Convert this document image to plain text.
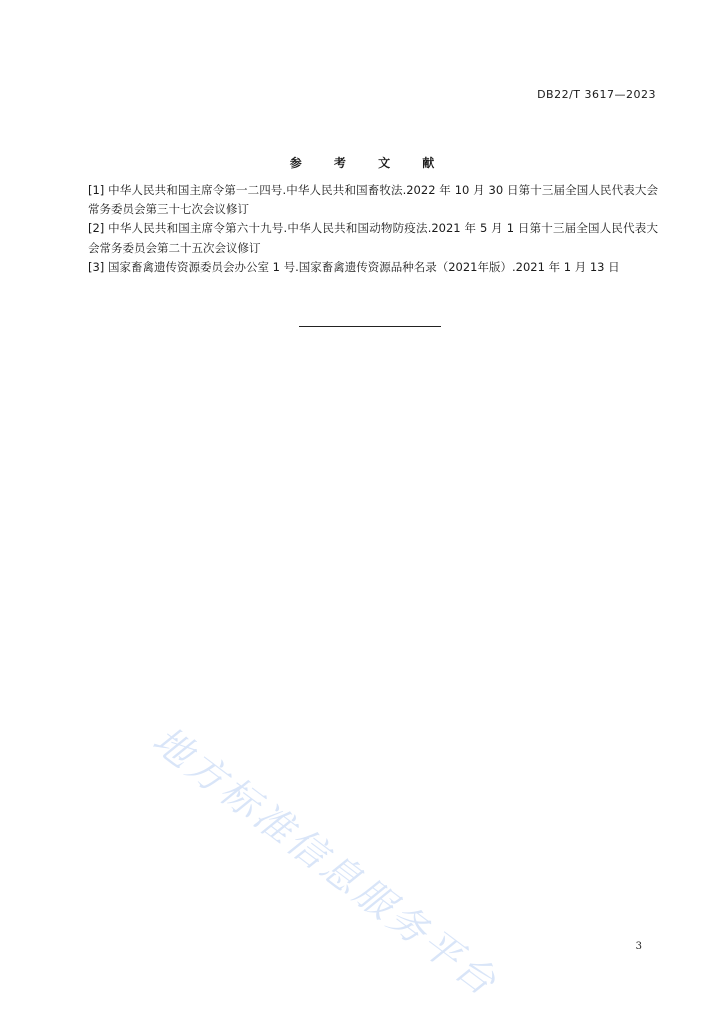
DB22/T 3617—2023
参 考 文 献

[1] 中华人民共和国主席令第一二四号.中华人民共和国畜牧法.2022 年 10 月 30 日第十三届全国人民代表大会常务委员会第三十七次会议修订

[2] 中华人民共和国主席令第六十九号.中华人民共和国动物防疫法.2021 年 5 月 1 日第十三届全国人民代表大会常务委员会第二十五次会议修订

[3] 国家畜禽遗传资源委员会办公室 1 号.国家畜禽遗传资源品种名录（2021年版）.2021 年 1 月 13 日

地方标准信息服务平台	3
